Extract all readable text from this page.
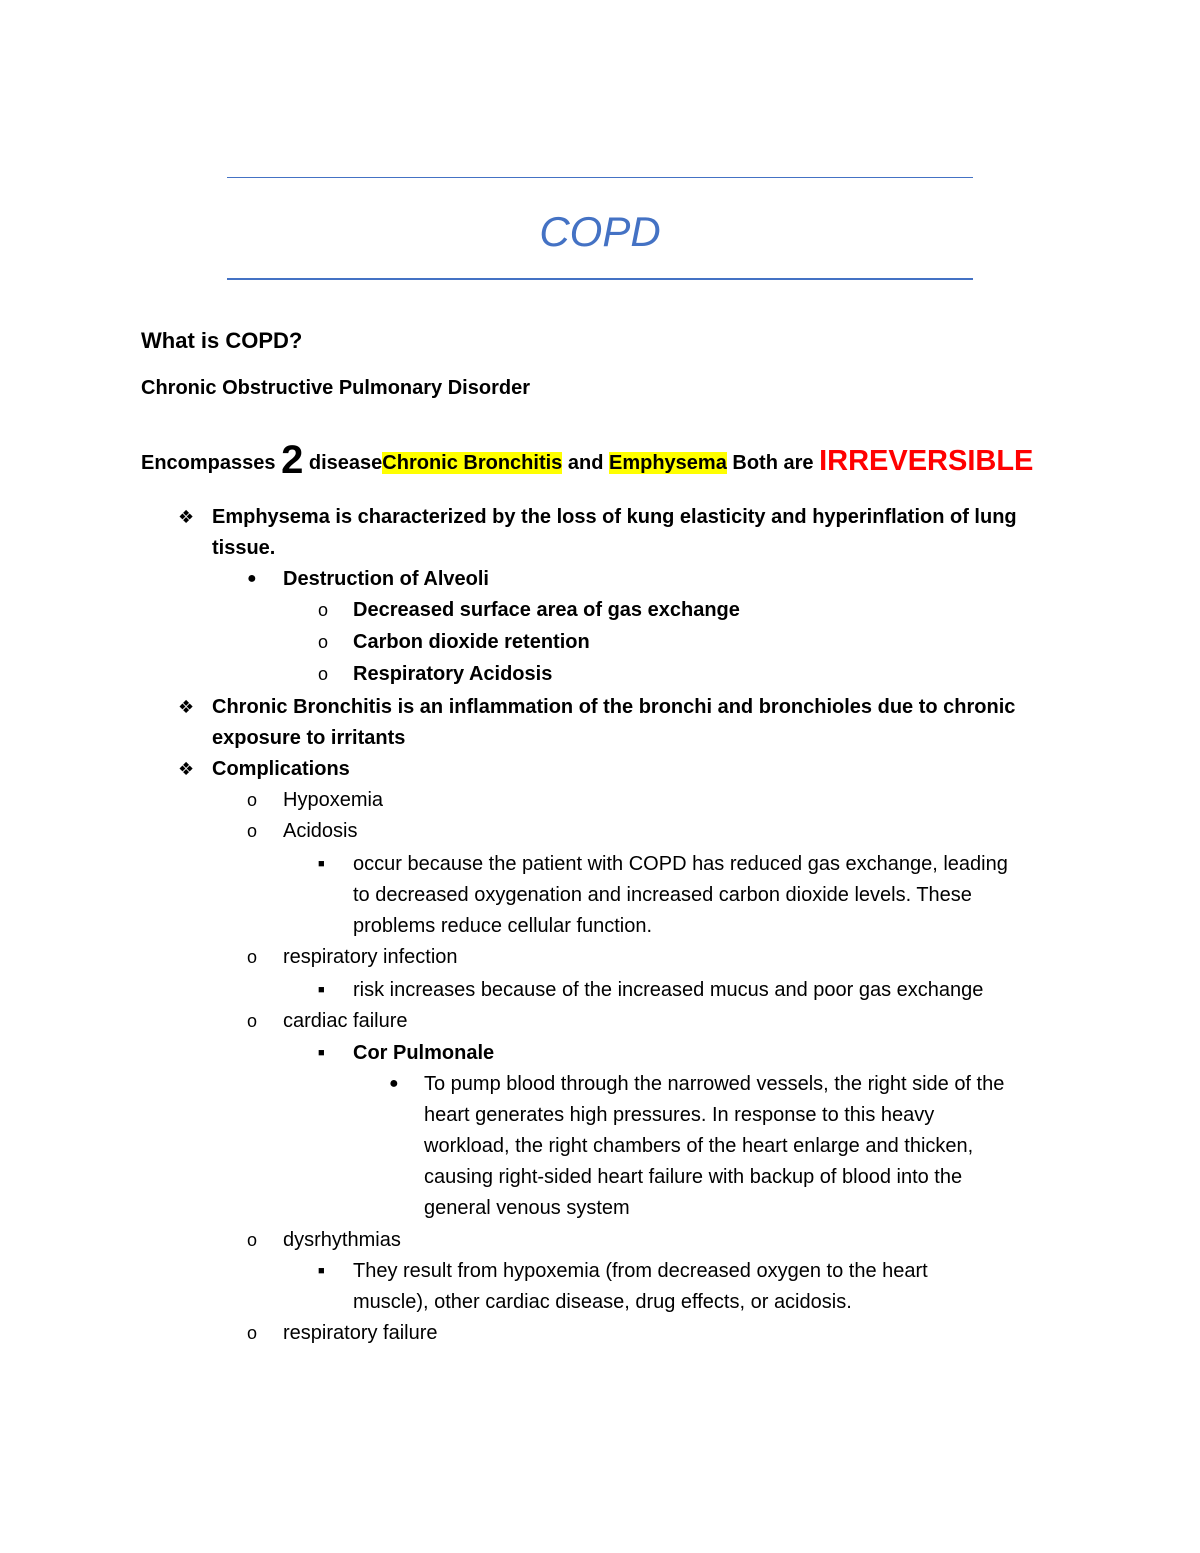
COPD
What is COPD?
Chronic Obstructive Pulmonary Disorder
Encompasses 2 diseaseChronic Bronchitis and Emphysema Both are IRREVERSIBLE
❖ Emphysema is characterized by the loss of kung elasticity and hyperinflation of lung
tissue.
● Destruction of Alveoli
o Decreased surface area of gas exchange
o Carbon dioxide retention
o Respiratory Acidosis
❖ Chronic Bronchitis is an inflammation of the bronchi and bronchioles due to chronic
exposure to irritants
❖ Complications
o Hypoxemia
o Acidosis
■ occur because the patient with COPD has reduced gas exchange, leading
to decreased oxygenation and increased carbon dioxide levels. These
problems reduce cellular function.
o respiratory infection
■ risk increases because of the increased mucus and poor gas exchange
o cardiac failure
■ Cor Pulmonale
● To pump blood through the narrowed vessels, the right side of the
heart generates high pressures. In response to this heavy
workload, the right chambers of the heart enlarge and thicken,
causing right-sided heart failure with backup of blood into the
general venous system
o dysrhythmias
■ They result from hypoxemia (from decreased oxygen to the heart
muscle), other cardiac disease, drug effects, or acidosis.
o respiratory failure
